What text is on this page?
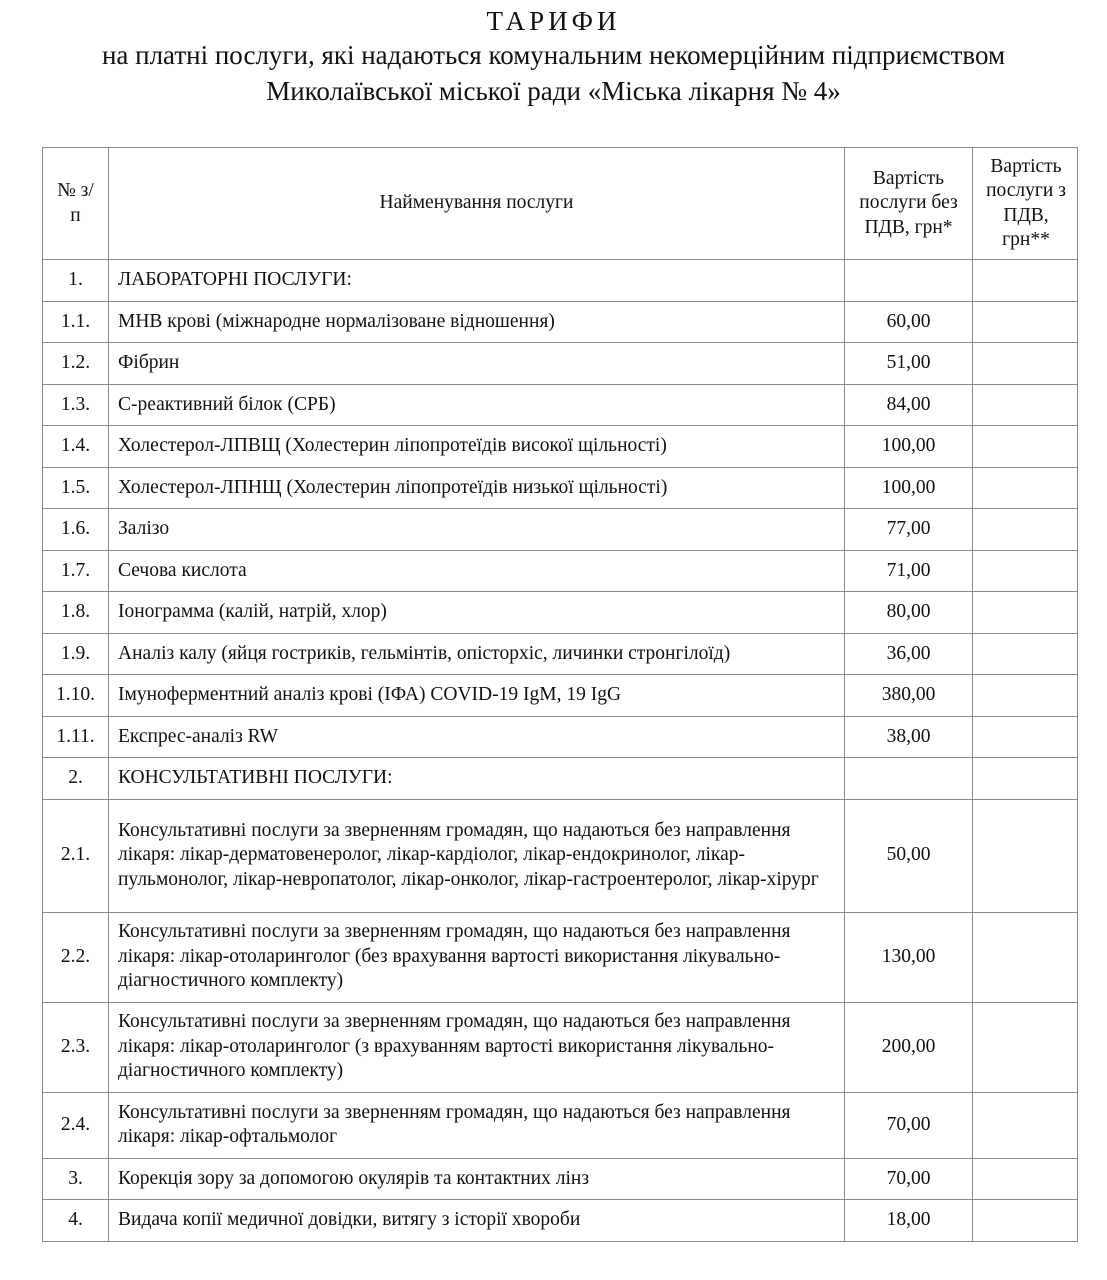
ТАРИФИ
на платні послуги, які надаються комунальним некомерційним підприємством
Миколаївської міської ради «Міська лікарня № 4»
№ з/п	Найменування послуги	Вартість послуги без ПДВ, грн*	Вартість послуги з ПДВ, грн**

1.	ЛАБОРАТОРНІ ПОСЛУГИ:		
1.1.	МНВ крові (міжнародне нормалізоване відношення)	60,00	
1.2.	Фібрин	51,00	
1.3.	С-реактивний білок (СРБ)	84,00	
1.4.	Холестерол-ЛПВЩ (Холестерин ліпопротеїдів високої щільності)	100,00	
1.5.	Холестерол-ЛПНЩ (Холестерин ліпопротеїдів низької щільності)	100,00	
1.6.	Залізо	77,00	
1.7.	Сечова кислота	71,00	
1.8.	Іонограмма (калій, натрій, хлор)	80,00	
1.9.	Аналіз калу (яйця гостриків, гельмінтів, опісторхіс, личинки стронгілоїд)	36,00	
1.10.	Імуноферментний аналіз крові (ІФА) COVID-19 IgM, 19 IgG	380,00	
1.11.	Експрес-аналіз RW	38,00	
2.	КОНСУЛЬТАТИВНІ ПОСЛУГИ:		
2.1.	Консультативні послуги за зверненням громадян, що надаються без направлення лікаря: лікар-дерматовенеролог, лікар-кардіолог, лікар-ендокринолог, лікар-пульмонолог, лікар-невропатолог, лікар-онколог, лікар-гастроентеролог, лікар-хірург	50,00	
2.2.	Консультативні послуги за зверненням громадян, що надаються без направлення лікаря: лікар-отоларинголог (без врахування вартості використання лікувально-діагностичного комплекту)	130,00	
2.3.	Консультативні послуги за зверненням громадян, що надаються без направлення лікаря: лікар-отоларинголог (з врахуванням вартості використання лікувально-діагностичного комплекту)	200,00	
2.4.	Консультативні послуги за зверненням громадян, що надаються без направлення лікаря: лікар-офтальмолог	70,00	
3.	Корекція зору за допомогою окулярів та контактних лінз	70,00	
4.	Видача копії медичної довідки, витягу з історії хвороби	18,00	
